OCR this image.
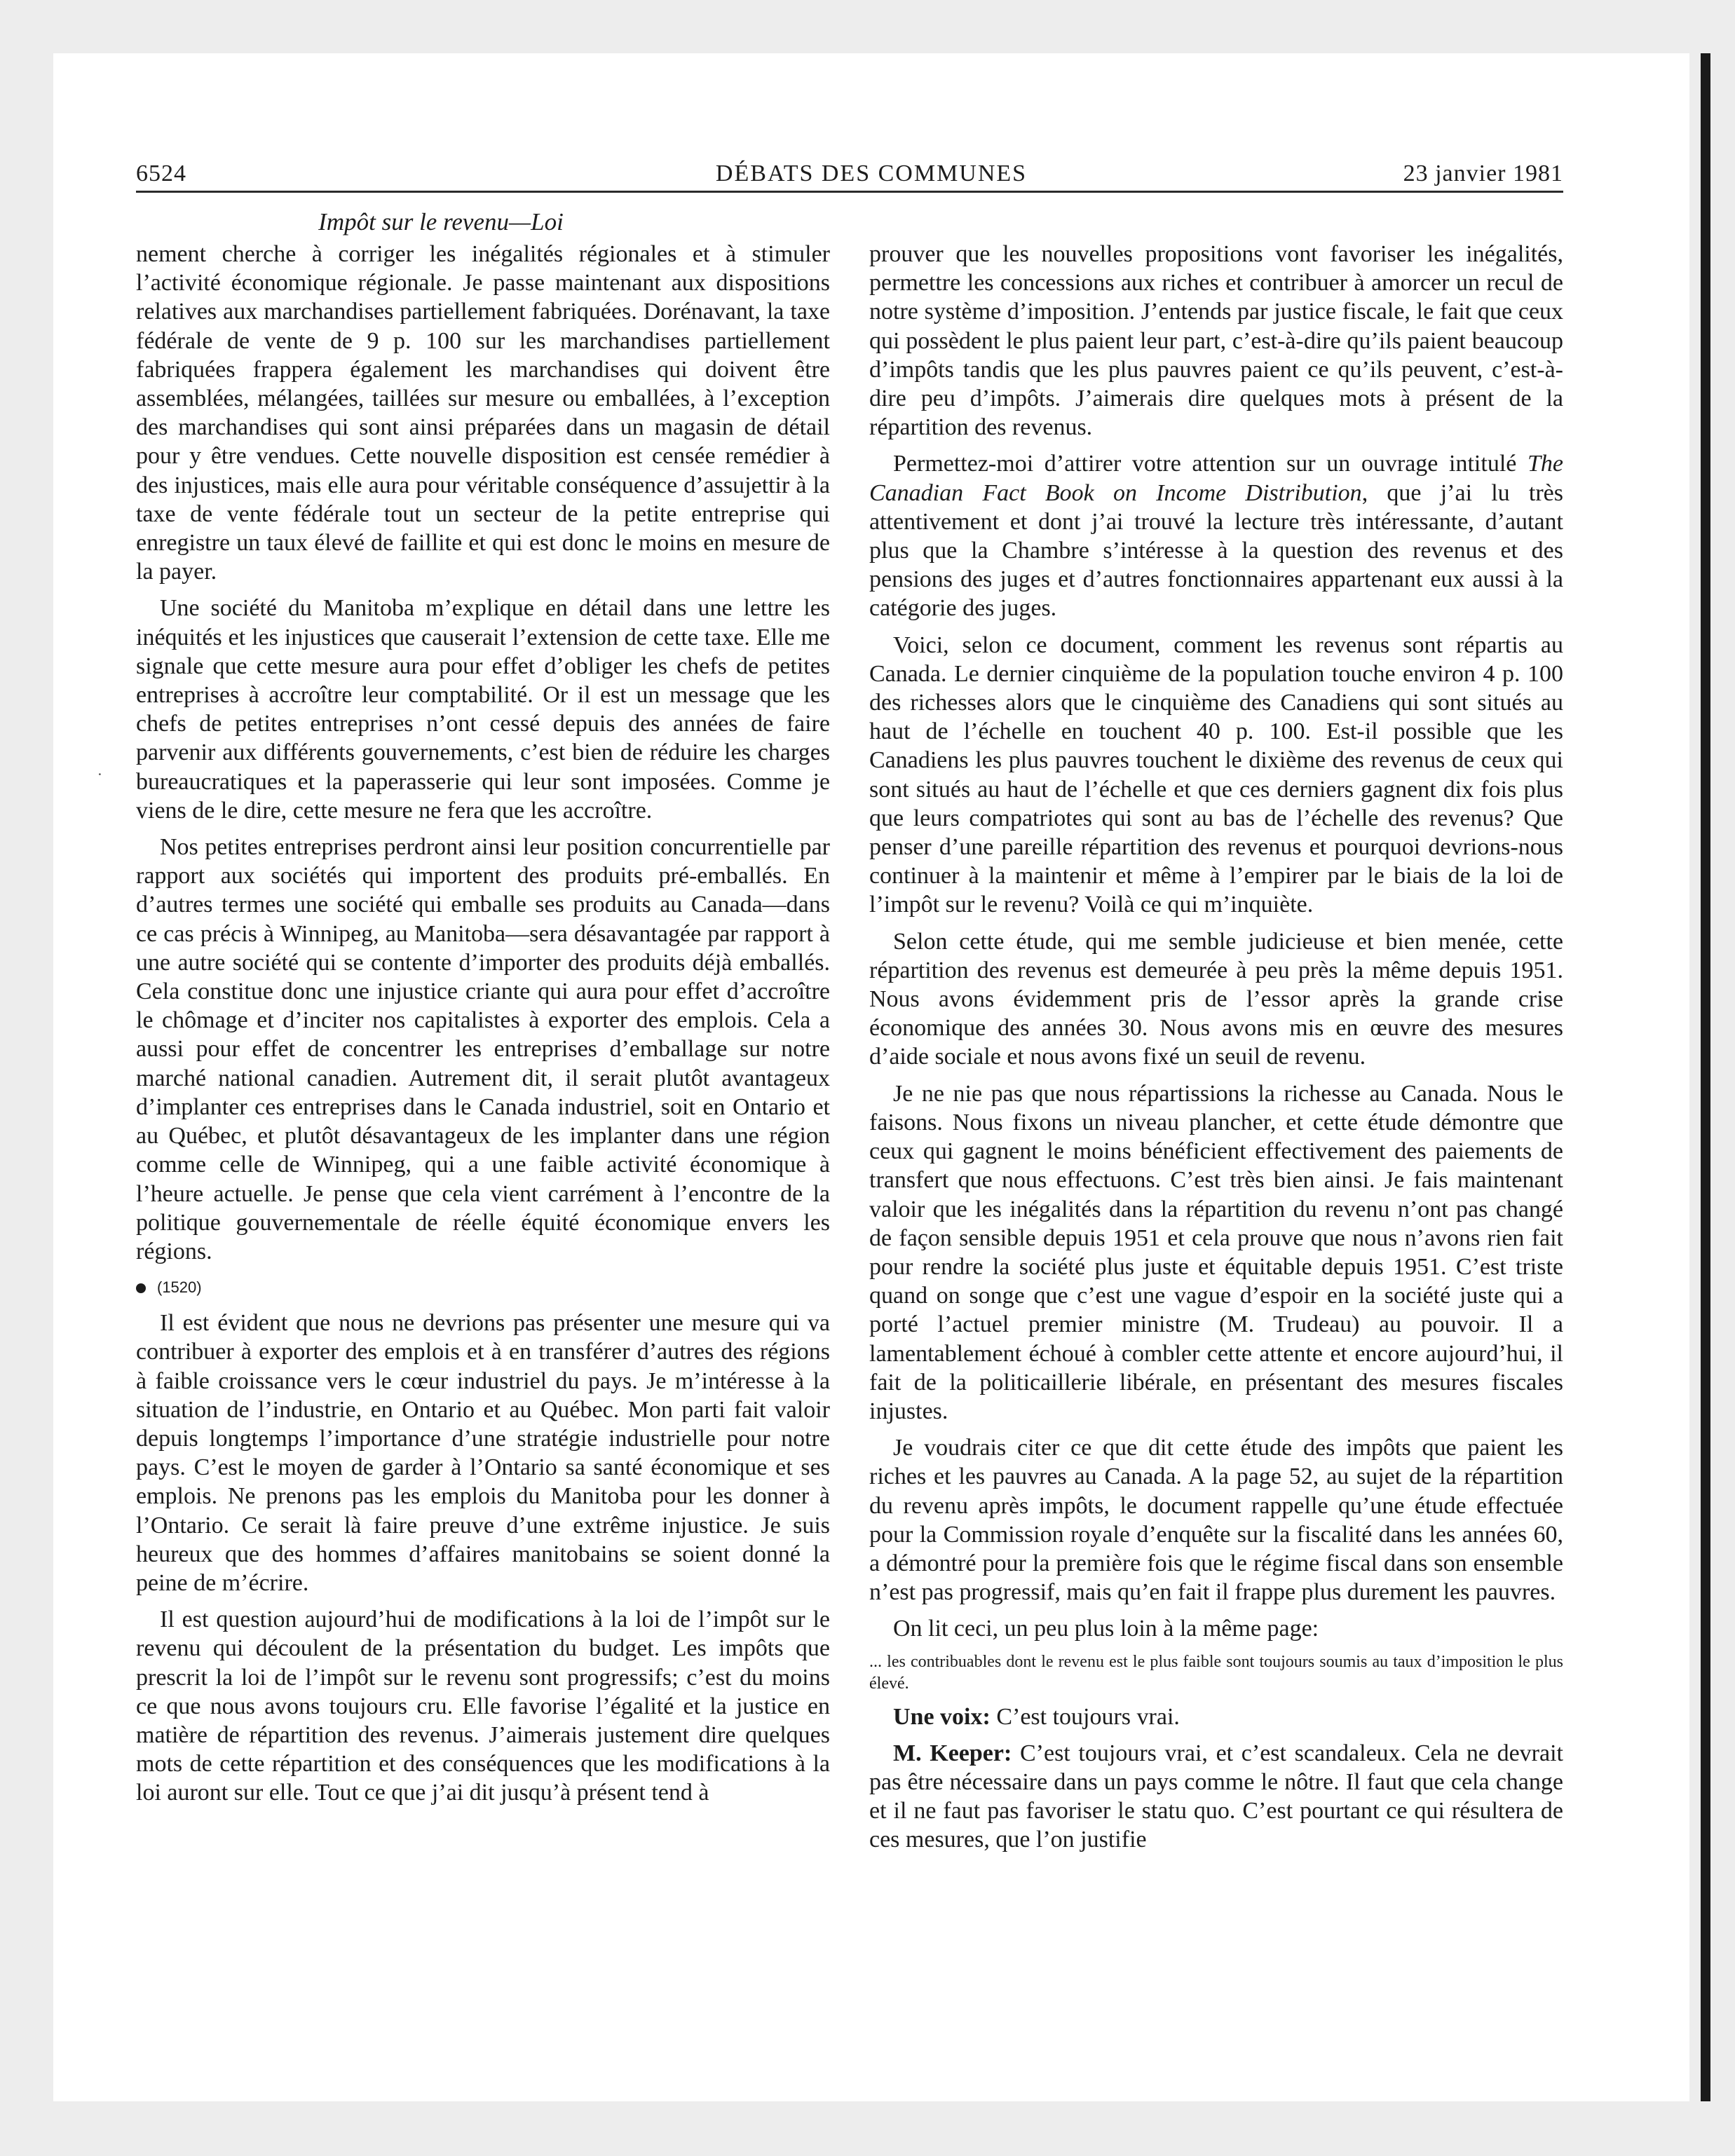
6524	DÉBATS DES COMMUNES	23 janvier 1981
Impôt sur le revenu—Loi
˙

nement cherche à corriger les inégalités régionales et à stimuler l’activité économique régionale. Je passe maintenant aux dispositions relatives aux marchandises partiellement fabriquées. Dorénavant, la taxe fédérale de vente de 9 p. 100 sur les marchandises partiellement fabriquées frappera également les marchandises qui doivent être assemblées, mélangées, taillées sur mesure ou emballées, à l’exception des marchandises qui sont ainsi préparées dans un magasin de détail pour y être vendues. Cette nouvelle disposition est censée remédier à des injustices, mais elle aura pour véritable conséquence d’assujettir à la taxe de vente fédérale tout un secteur de la petite entreprise qui enregistre un taux élevé de faillite et qui est donc le moins en mesure de la payer.

Une société du Manitoba m’explique en détail dans une lettre les inéquités et les injustices que causerait l’extension de cette taxe. Elle me signale que cette mesure aura pour effet d’obliger les chefs de petites entreprises à accroître leur comptabilité. Or il est un message que les chefs de petites entreprises n’ont cessé depuis des années de faire parvenir aux différents gouvernements, c’est bien de réduire les charges bureaucratiques et la paperasserie qui leur sont imposées. Comme je viens de le dire, cette mesure ne fera que les accroître.

Nos petites entreprises perdront ainsi leur position concurrentielle par rapport aux sociétés qui importent des produits pré-emballés. En d’autres termes une société qui emballe ses produits au Canada—dans ce cas précis à Winnipeg, au Manitoba—sera désavantagée par rapport à une autre société qui se contente d’importer des produits déjà emballés. Cela constitue donc une injustice criante qui aura pour effet d’accroître le chômage et d’inciter nos capitalistes à exporter des emplois. Cela a aussi pour effet de concentrer les entreprises d’emballage sur notre marché national canadien. Autrement dit, il serait plutôt avantageux d’implanter ces entreprises dans le Canada industriel, soit en Ontario et au Québec, et plutôt désavantageux de les implanter dans une région comme celle de Winnipeg, qui a une faible activité économique à l’heure actuelle. Je pense que cela vient carrément à l’encontre de la politique gouvernementale de réelle équité économique envers les régions.

(1520)

Il est évident que nous ne devrions pas présenter une mesure qui va contribuer à exporter des emplois et à en transférer d’autres des régions à faible croissance vers le cœur industriel du pays. Je m’intéresse à la situation de l’industrie, en Ontario et au Québec. Mon parti fait valoir depuis longtemps l’importance d’une stratégie industrielle pour notre pays. C’est le moyen de garder à l’Ontario sa santé économique et ses emplois. Ne prenons pas les emplois du Manitoba pour les donner à l’Ontario. Ce serait là faire preuve d’une extrême injustice. Je suis heureux que des hommes d’affaires manitobains se soient donné la peine de m’écrire.

Il est question aujourd’hui de modifications à la loi de l’impôt sur le revenu qui découlent de la présentation du budget. Les impôts que prescrit la loi de l’impôt sur le revenu sont progressifs; c’est du moins ce que nous avons toujours cru. Elle favorise l’égalité et la justice en matière de répartition des revenus. J’aimerais justement dire quelques mots de cette répartition et des conséquences que les modifications à la loi auront sur elle. Tout ce que j’ai dit jusqu’à présent tend à

prouver que les nouvelles propositions vont favoriser les inégalités, permettre les concessions aux riches et contribuer à amorcer un recul de notre système d’imposition. J’entends par justice fiscale, le fait que ceux qui possèdent le plus paient leur part, c’est-à-dire qu’ils paient beaucoup d’impôts tandis que les plus pauvres paient ce qu’ils peuvent, c’est-à-dire peu d’impôts. J’aimerais dire quelques mots à présent de la répartition des revenus.

Permettez-moi d’attirer votre attention sur un ouvrage intitulé The Canadian Fact Book on Income Distribution, que j’ai lu très attentivement et dont j’ai trouvé la lecture très intéressante, d’autant plus que la Chambre s’intéresse à la question des revenus et des pensions des juges et d’autres fonctionnaires appartenant eux aussi à la catégorie des juges.

Voici, selon ce document, comment les revenus sont répartis au Canada. Le dernier cinquième de la population touche environ 4 p. 100 des richesses alors que le cinquième des Canadiens qui sont situés au haut de l’échelle en touchent 40 p. 100. Est-il possible que les Canadiens les plus pauvres touchent le dixième des revenus de ceux qui sont situés au haut de l’échelle et que ces derniers gagnent dix fois plus que leurs compatriotes qui sont au bas de l’échelle des revenus? Que penser d’une pareille répartition des revenus et pourquoi devrions-nous continuer à la maintenir et même à l’empirer par le biais de la loi de l’impôt sur le revenu? Voilà ce qui m’inquiète.

Selon cette étude, qui me semble judicieuse et bien menée, cette répartition des revenus est demeurée à peu près la même depuis 1951. Nous avons évidemment pris de l’essor après la grande crise économique des années 30. Nous avons mis en œuvre des mesures d’aide sociale et nous avons fixé un seuil de revenu.

Je ne nie pas que nous répartissions la richesse au Canada. Nous le faisons. Nous fixons un niveau plancher, et cette étude démontre que ceux qui gagnent le moins bénéficient effectivement des paiements de transfert que nous effectuons. C’est très bien ainsi. Je fais maintenant valoir que les inégalités dans la répartition du revenu n’ont pas changé de façon sensible depuis 1951 et cela prouve que nous n’avons rien fait pour rendre la société plus juste et équitable depuis 1951. C’est triste quand on songe que c’est une vague d’espoir en la société juste qui a porté l’actuel premier ministre (M. Trudeau) au pouvoir. Il a lamentablement échoué à combler cette attente et encore aujourd’hui, il fait de la politicaillerie libérale, en présentant des mesures fiscales injustes.

Je voudrais citer ce que dit cette étude des impôts que paient les riches et les pauvres au Canada. A la page 52, au sujet de la répartition du revenu après impôts, le document rappelle qu’une étude effectuée pour la Commission royale d’enquête sur la fiscalité dans les années 60, a démontré pour la première fois que le régime fiscal dans son ensemble n’est pas progressif, mais qu’en fait il frappe plus durement les pauvres.

On lit ceci, un peu plus loin à la même page:

... les contribuables dont le revenu est le plus faible sont toujours soumis au taux d’imposition le plus élevé.

Une voix: C’est toujours vrai.

M. Keeper: C’est toujours vrai, et c’est scandaleux. Cela ne devrait pas être nécessaire dans un pays comme le nôtre. Il faut que cela change et il ne faut pas favoriser le statu quo. C’est pourtant ce qui résultera de ces mesures, que l’on justifie
